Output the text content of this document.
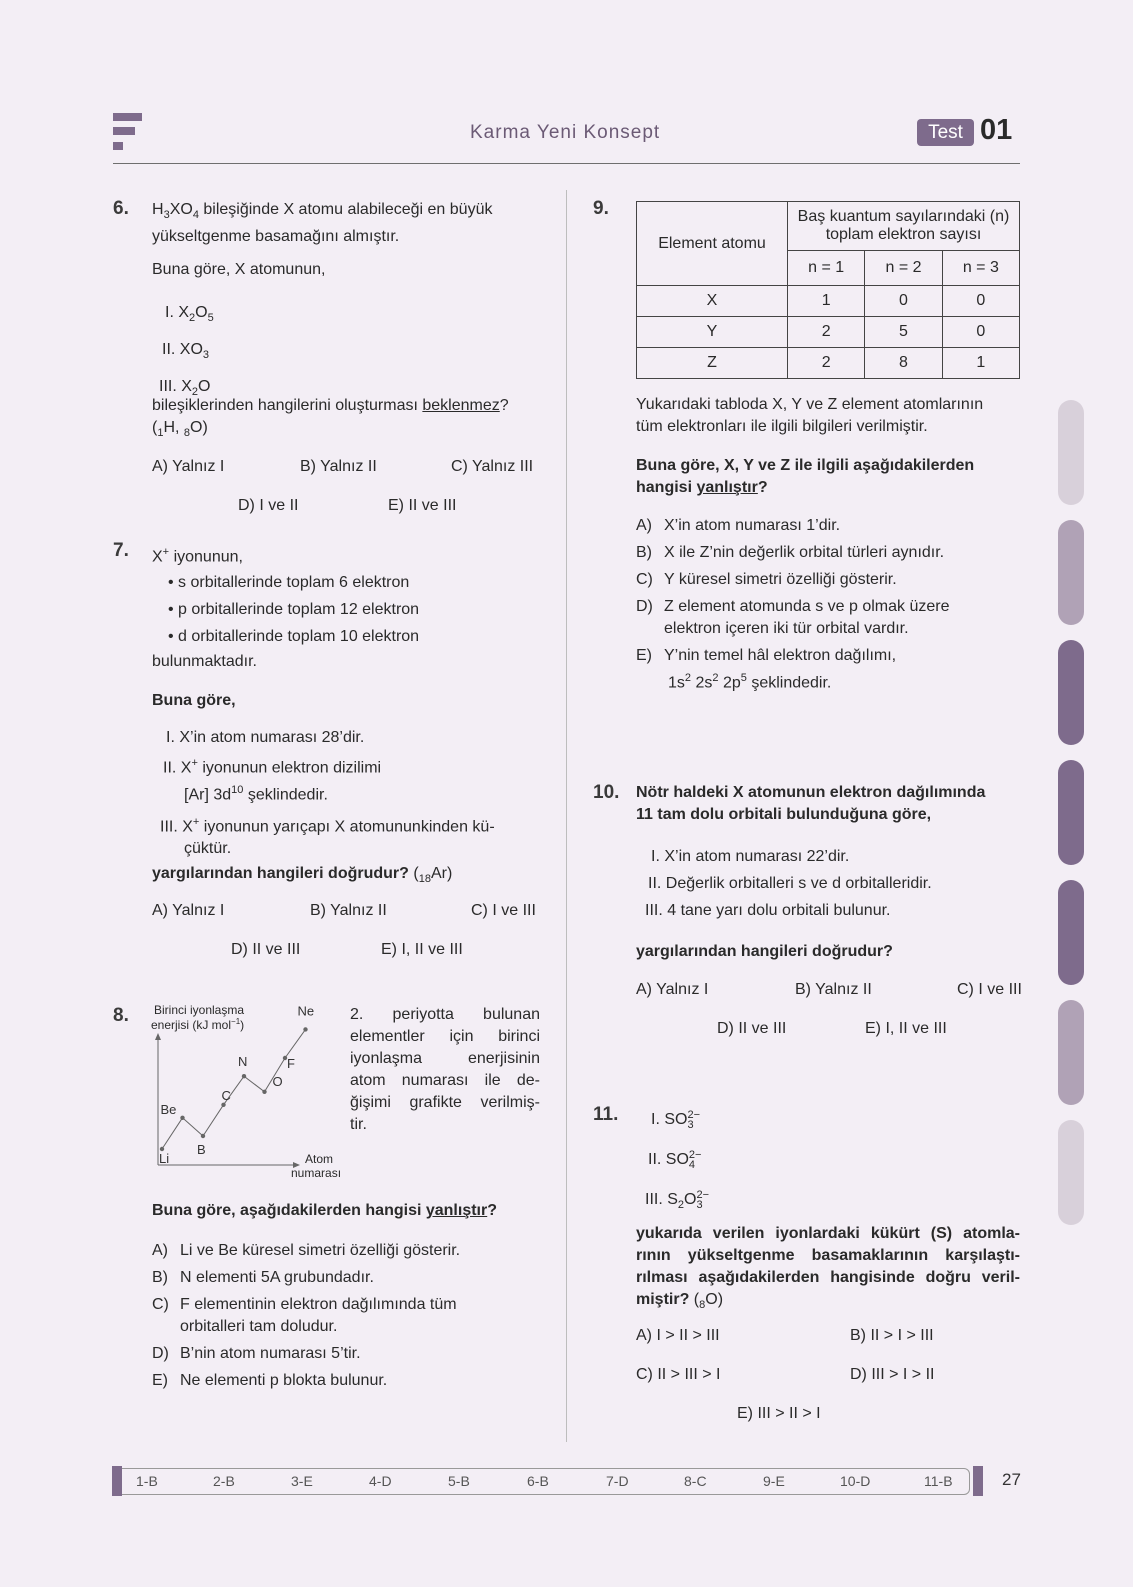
Karma Yeni Konsept	Test 01
6. $H_3XO_4$ bileşiğinde X atomu alabileceği en büyük
yükseltgenme basamağını almıştır.
Buna göre, X atomunun,
I. $X_2O_5$
II. $XO_3$
III. $X_2O$
bileşiklerinden hangilerini oluşturması beklenmez?
($_1H$, $_8$O)
A) Yalnız I	B) Yalnız II	C) Yalnız III
D) I ve II	E) II ve III
7. X+ iyonunun,
• s orbitallerinde toplam 6 elektron
• p orbitallerinde toplam 12 elektron
• d orbitallerinde toplam 10 elektron
bulunmaktadır.
Buna göre,
I. X’in atom numarası 28’dir.
II. X+ iyonunun elektron dizilimi
[Ar] $3d^{10}$ şeklindedir.
III. X+ iyonunun yarıçapı X atomununkinden kü-
çüktür.
yargılarından hangileri doğrudur? $(_{18}Ar)$
A) Yalnız I	B) Yalnız II	C) I ve III
D) II ve III	E) I, II ve III
8. Birinci iyonlaşma
enerjisi (kJ mol$^{-1}$)
Li
Be
B
C
N
O
F
Ne
Atom
numarası
2. periyotta bulunan
elementler için birinci
iyonlaşma enerjisinin
atom numarası ile de-
ğişimi grafikte verilmiş-
tir.
Buna göre, aşağıdakilerden hangisi yanlıştır?
A) Li ve Be küresel simetri özelliği gösterir.
B) N elementi 5A grubundadır.
C) F elementinin elektron dağılımında tüm
orbitalleri tam doludur.
D) B’nin atom numarası 5’tir.
E) Ne elementi p blokta bulunur.
9.
Element atomu	Baş kuantum sayılarındaki (n) toplam elektron sayısı		
	n = 1	n = 2	n = 3
X	1	0	0
Y	2	5	0
Z	2	8	1
Yukarıdaki tabloda X, Y ve Z element atomlarının
tüm elektronları ile ilgili bilgileri verilmiştir.
Buna göre, X, Y ve Z ile ilgili aşağıdakilerden
hangisi yanlıştır?
A) X’in atom numarası 1’dir.
B) X ile Z’nin değerlik orbital türleri aynıdır.
C) Y küresel simetri özelliği gösterir.
D) Z element atomunda s ve p olmak üzere
elektron içeren iki tür orbital vardır.
E) Y’nin temel hâl elektron dağılımı,
$1s^2$ $2s^2$ $2p^5$ şeklindedir.
10. Nötr haldeki X atomunun elektron dağılımında
11 tam dolu orbitali bulunduğuna göre,
I. X’in atom numarası 22’dir.
II. Değerlik orbitalleri s ve d orbitalleridir.
III. 4 tane yarı dolu orbitali bulunur.
yargılarından hangileri doğrudur?
A) Yalnız I	B) Yalnız II	C) I ve III
D) II ve III	E) I, II ve III
11. I. SO 2−
3
II. SO 2−
4
III. $S_2O$ 2−
3
yukarıda verilen iyonlardaki kükürt (S) atomla-
rının yükseltgenme basamaklarının karşılaştı-
rılması aşağıdakilerden hangisinde doğru veril-
miştir? $(_8O)$
A) I > II > III	B) II > I > III
C) II > III > I	D) III > I > II
E) III > II > I
1-B	2-B	3-E	4-D	5-B	6-B	7-D	8-C	9-E	10-D	11-B	27
